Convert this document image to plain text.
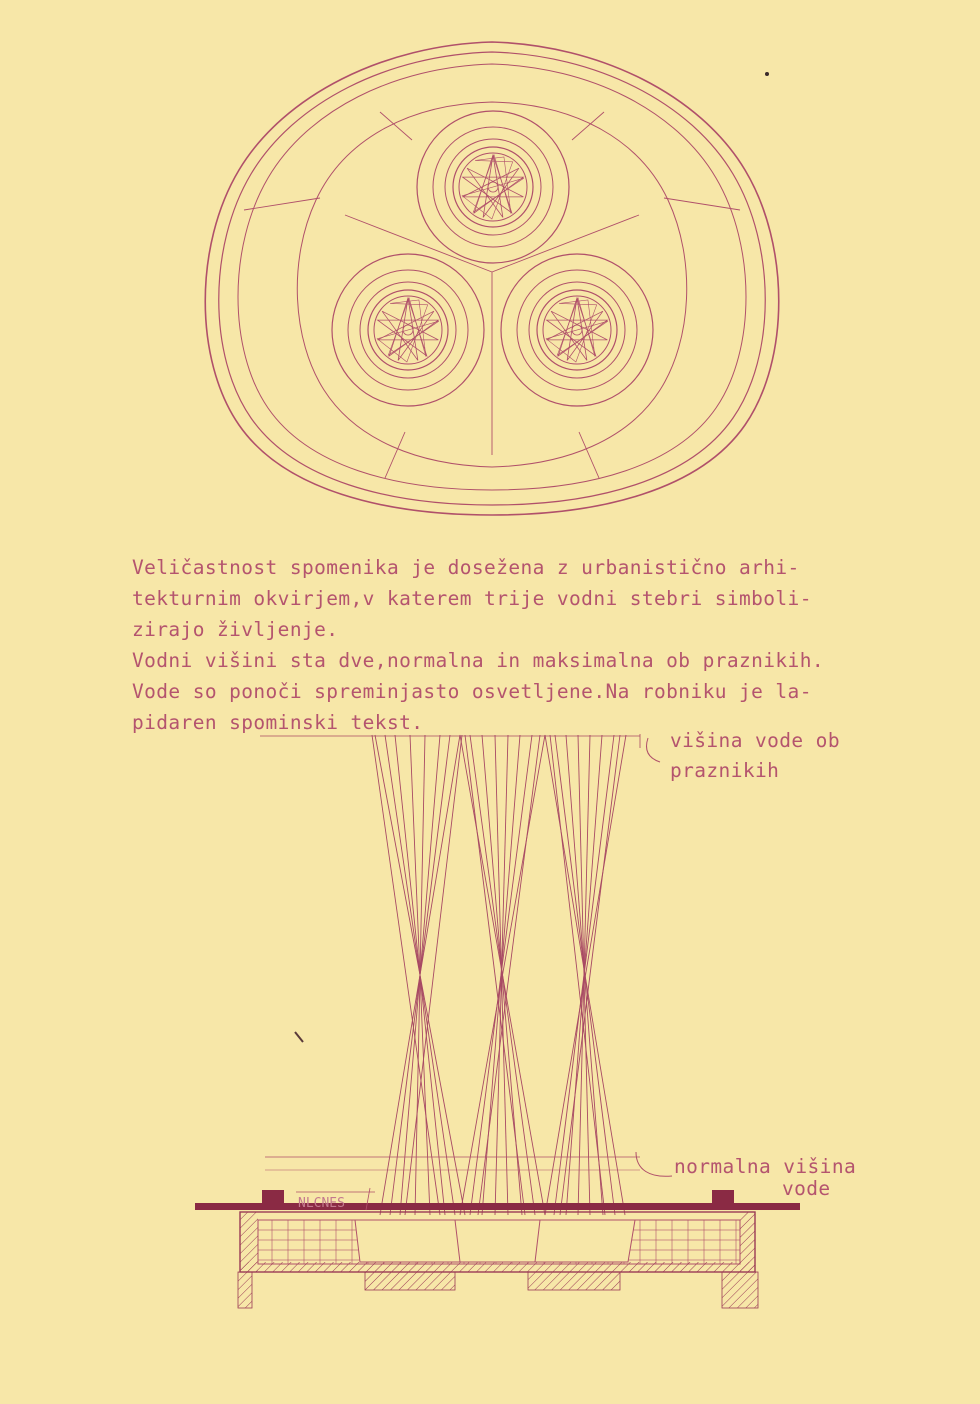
NLCNES
Veličastnost spomenika je dosežena z urbanistično arhi-
tekturnim okvirjem,v katerem trije vodni stebri simboli-
zirajo življenje.
Vodni višini sta dve,normalna in maksimalna ob praznikih.
Vode so ponoči spreminjasto osvetljene.Na robniku je la-
pidaren spominski tekst.
višina vode ob
praznikih
normalna višina
vode
